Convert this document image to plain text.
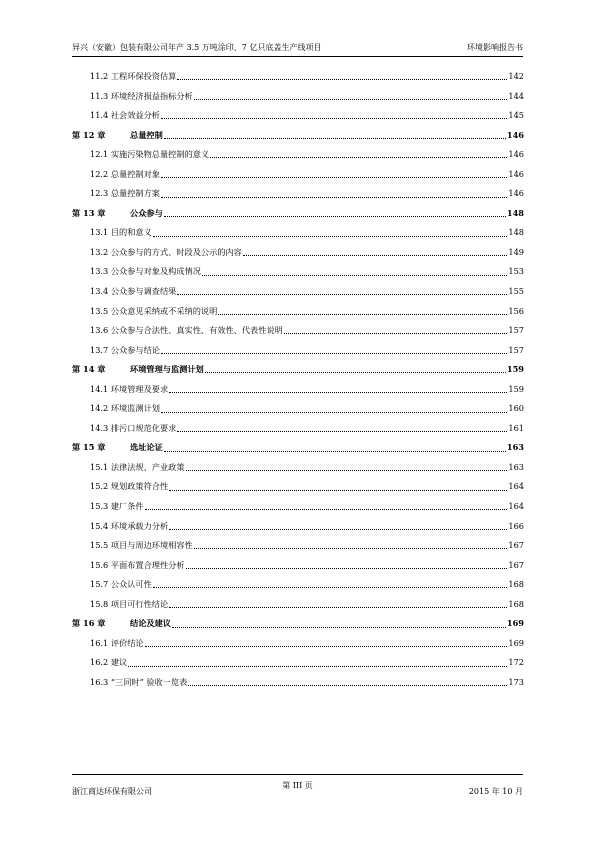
异兴（安徽）包装有限公司年产 3.5 万吨涂印、7 亿只底盖生产线项目	环境影响报告书
11.2 工程环保投资估算	142
11.3 环境经济损益指标分析	144
11.4 社会效益分析	145
第 12 章	总量控制	146
12.1 实施污染物总量控制的意义	146
12.2 总量控制对象	146
12.3 总量控制方案	146
第 13 章	公众参与	148
13.1 目的和意义	148
13.2 公众参与的方式、时段及公示的内容	149
13.3 公众参与对象及构成情况	153
13.4 公众参与调查结果	155
13.5 公众意见采纳或不采纳的说明	156
13.6 公众参与合法性、真实性、有效性、代表性说明	157
13.7 公众参与结论	157
第 14 章	环境管理与监测计划	159
14.1 环境管理及要求	159
14.2 环境监测计划	160
14.3 排污口规范化要求	161
第 15 章	选址论证	163
15.1 法律法规、产业政策	163
15.2 规划政策符合性	164
15.3 建厂条件	164
15.4 环境承载力分析	166
15.5 项目与周边环境相容性	167
15.6 平面布置合理性分析	167
15.7 公众认可性	168
15.8 项目可行性结论	168
第 16 章	结论及建议	169
16.1 评价结论	169
16.2 建议	172
16.3 “三同时” 验收一览表	173
浙江商达环保有限公司
第 III 页
2015 年 10 月
